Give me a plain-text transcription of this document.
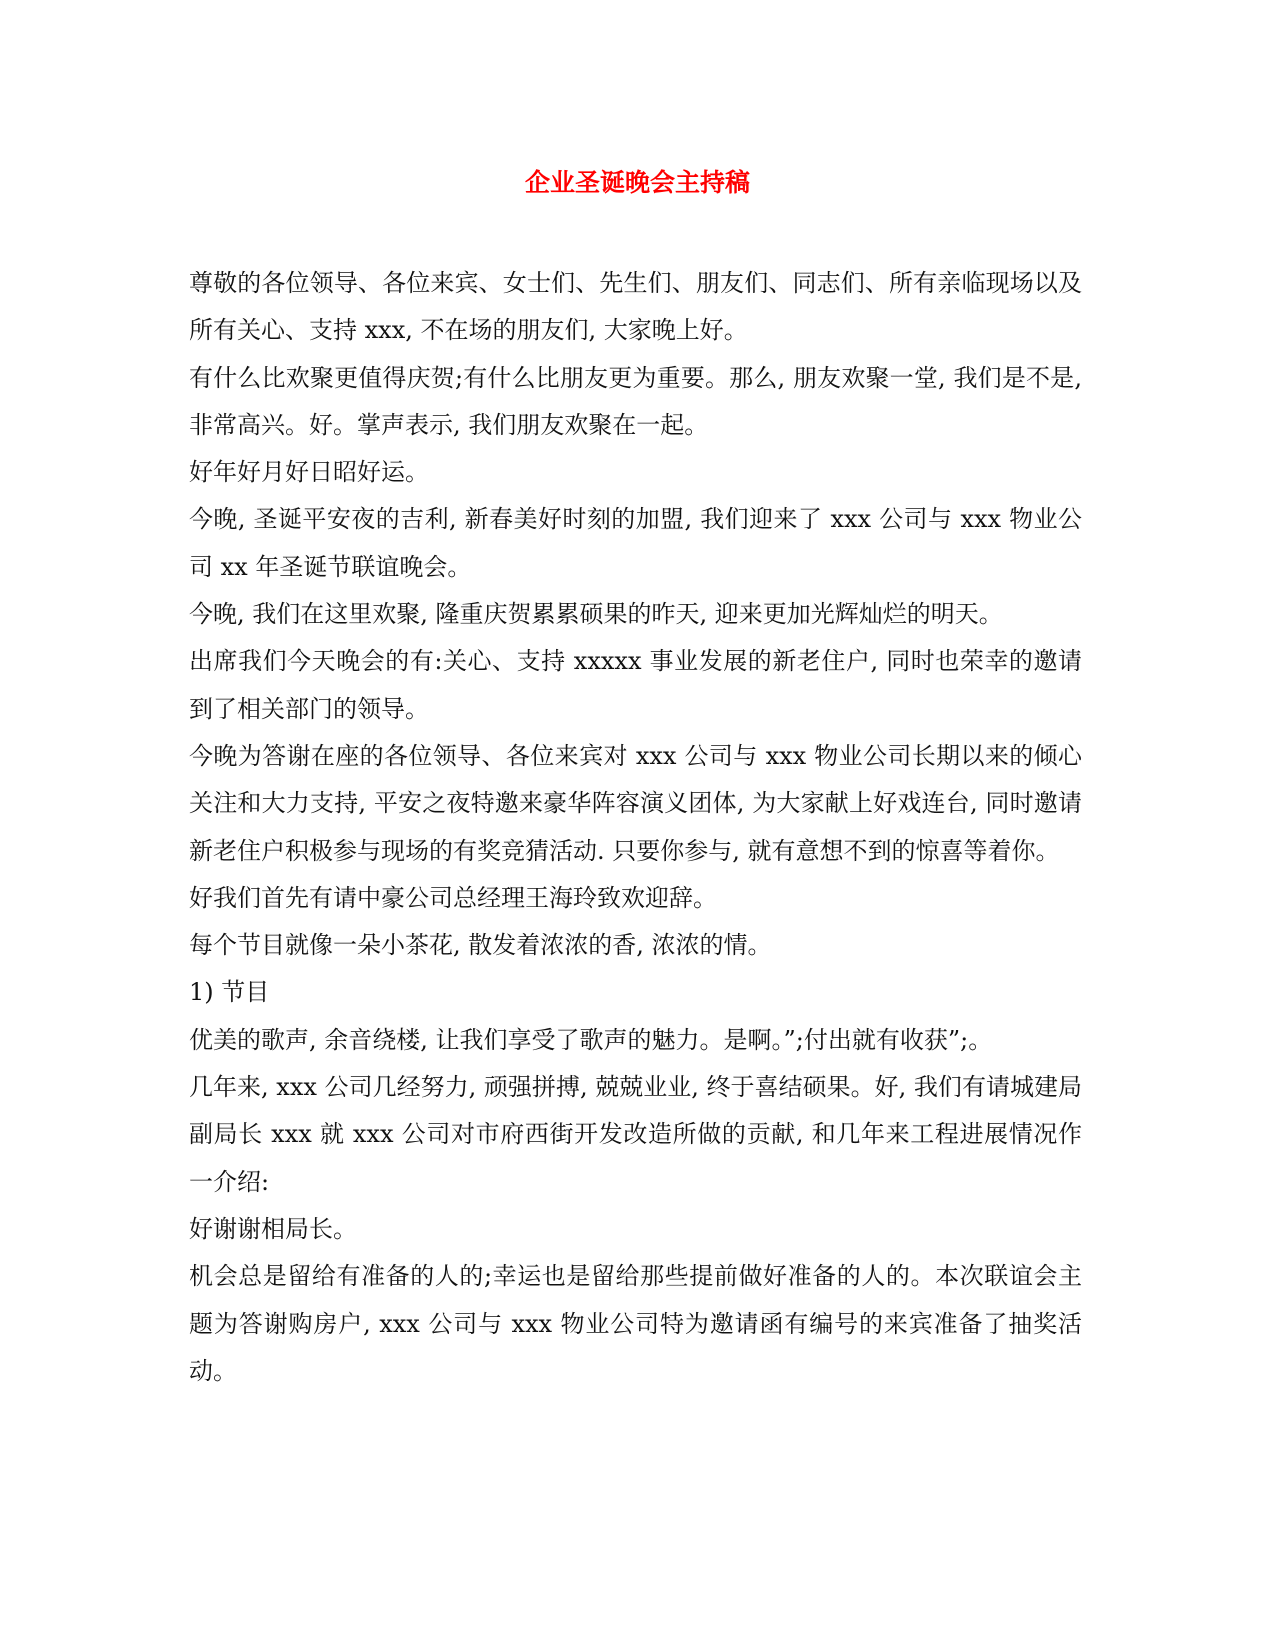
企业圣诞晚会主持稿

尊敬的各位领导、各位来宾、女士们、先生们、朋友们、同志们、所有亲临现场以及所有关心、支持 xxx, 不在场的朋友们, 大家晚上好。

有什么比欢聚更值得庆贺;有什么比朋友更为重要。那么, 朋友欢聚一堂, 我们是不是, 非常高兴。好。掌声表示, 我们朋友欢聚在一起。

好年好月好日昭好运。

今晚, 圣诞平安夜的吉利, 新春美好时刻的加盟, 我们迎来了 xxx 公司与 xxx 物业公司 xx 年圣诞节联谊晚会。

今晚, 我们在这里欢聚, 隆重庆贺累累硕果的昨天, 迎来更加光辉灿烂的明天。

出席我们今天晚会的有:关心、支持 xxxxx 事业发展的新老住户, 同时也荣幸的邀请到了相关部门的领导。

今晚为答谢在座的各位领导、各位来宾对 xxx 公司与 xxx 物业公司长期以来的倾心关注和大力支持, 平安之夜特邀来豪华阵容演义团体, 为大家献上好戏连台, 同时邀请新老住户积极参与现场的有奖竞猜活动. 只要你参与, 就有意想不到的惊喜等着你。

好我们首先有请中豪公司总经理王海玲致欢迎辞。

每个节目就像一朵小茶花, 散发着浓浓的香, 浓浓的情。

1) 节目

优美的歌声, 余音绕楼, 让我们享受了歌声的魅力。是啊。”;付出就有收获”;。

几年来, xxx 公司几经努力, 顽强拼搏, 兢兢业业, 终于喜结硕果。好, 我们有请城建局副局长 xxx 就 xxx 公司对市府西街开发改造所做的贡献, 和几年来工程进展情况作一介绍:

好谢谢相局长。

机会总是留给有准备的人的;幸运也是留给那些提前做好准备的人的。本次联谊会主题为答谢购房户, xxx 公司与 xxx 物业公司特为邀请函有编号的来宾准备了抽奖活动。
